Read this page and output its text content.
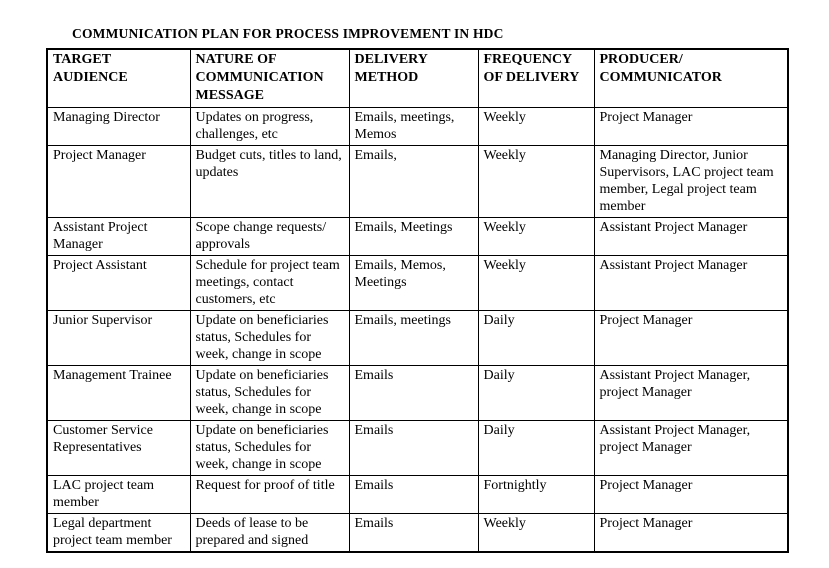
COMMUNICATION PLAN FOR PROCESS IMPROVEMENT IN HDC
TARGET AUDIENCE	NATURE OF COMMUNICATION MESSAGE	DELIVERY METHOD	FREQUENCY OF DELIVERY	PRODUCER/ COMMUNICATOR
Managing Director	Updates on progress, challenges, etc	Emails, meetings, Memos	Weekly	Project Manager
Project Manager	Budget cuts, titles to land, updates	Emails,	Weekly	Managing Director, Junior Supervisors, LAC project team member, Legal project team member
Assistant Project Manager	Scope change requests/ approvals	Emails, Meetings	Weekly	Assistant Project Manager
Project Assistant	Schedule for project team meetings, contact customers, etc	Emails, Memos, Meetings	Weekly	Assistant Project Manager
Junior Supervisor	Update on beneficiaries status, Schedules for week, change in scope	Emails, meetings	Daily	Project Manager
Management Trainee	Update on beneficiaries status, Schedules for week, change in scope	Emails	Daily	Assistant Project Manager, project Manager
Customer Service Representatives	Update on beneficiaries status, Schedules for week, change in scope	Emails	Daily	Assistant Project Manager, project Manager
LAC project team member	Request for proof of title	Emails	Fortnightly	Project Manager
Legal department project team member	Deeds of lease to be prepared and signed	Emails	Weekly	Project Manager
